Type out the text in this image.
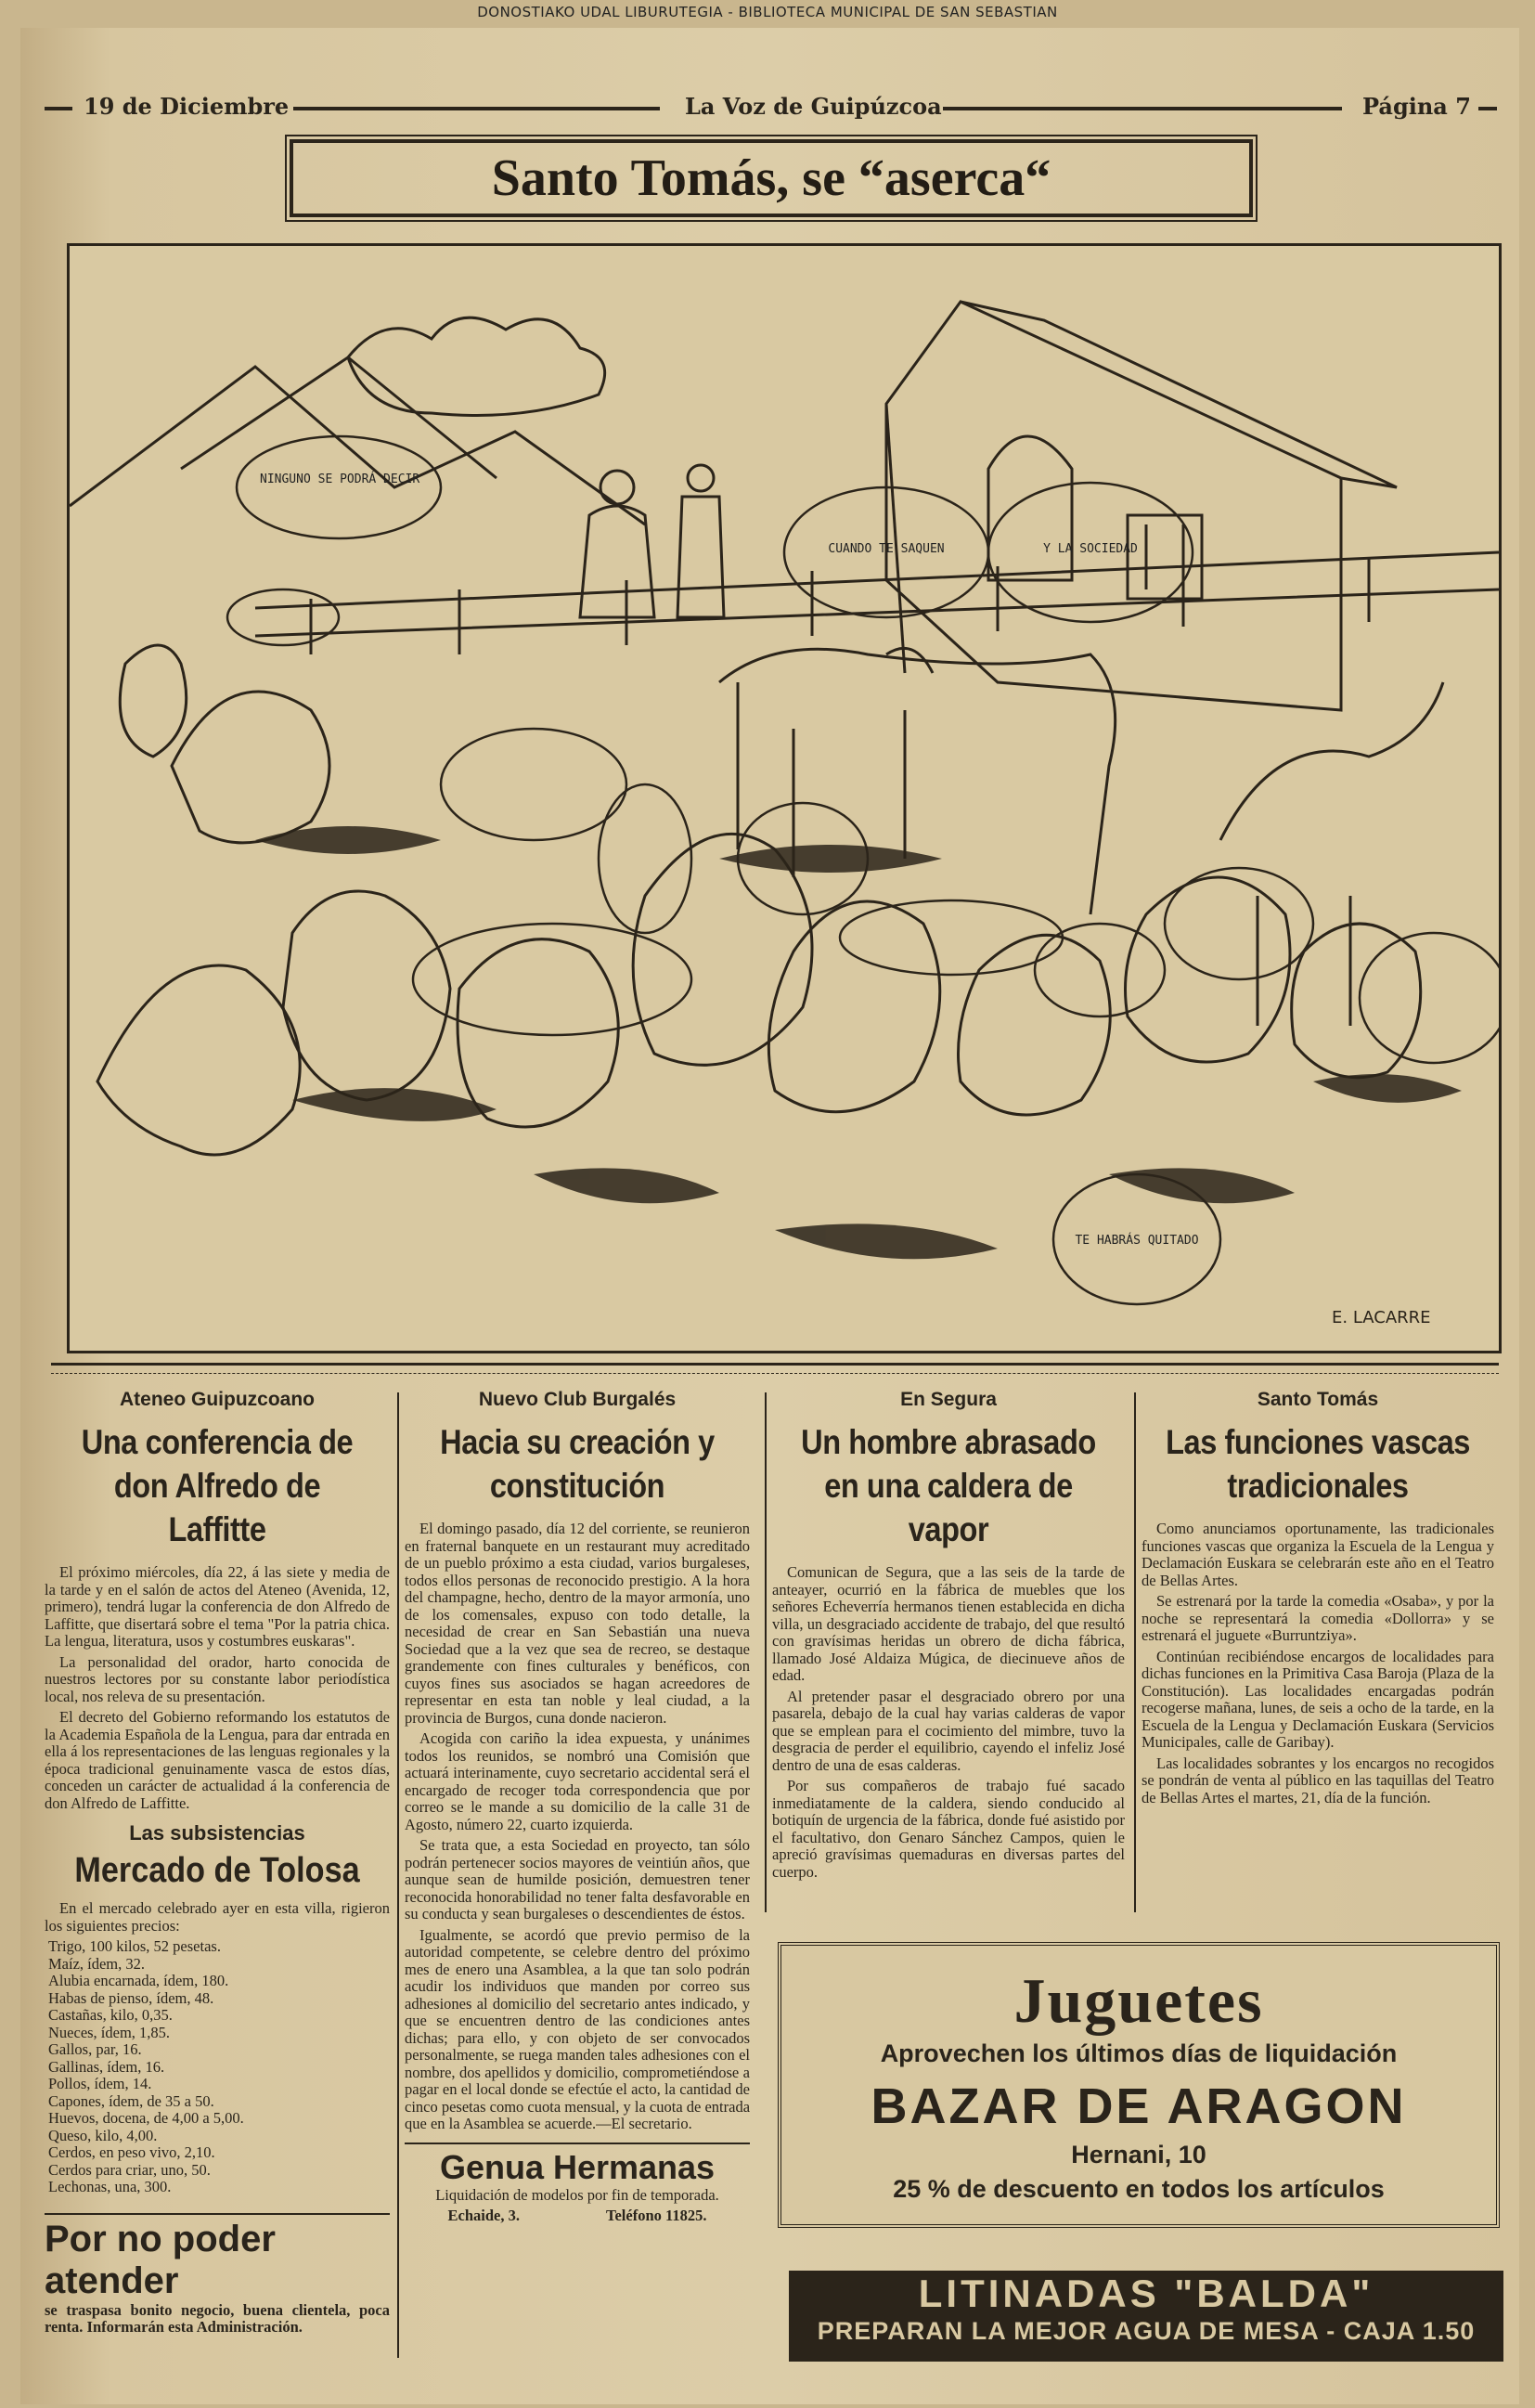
DONOSTIAKO UDAL LIBURUTEGIA - BIBLIOTECA MUNICIPAL DE SAN SEBASTIAN
19 de Diciembre	La Voz de Guipúzcoa	Página 7
Santo Tomás, se “aserca“
NINGUNO SE PODRÁ DECIR
CUANDO TE SAQUEN	Y LA SOCIEDAD
TE HABRÁS QUITADO
E. LACARRE
Ateneo Guipuzcoano
Una conferencia de don Alfredo de Laffitte

El próximo miércoles, día 22, á las siete y media de la tarde y en el salón de actos del Ateneo (Avenida, 12, primero), tendrá lugar la conferencia de don Alfredo de Laffitte, que disertará sobre el tema "Por la patria chica. La lengua, literatura, usos y costumbres euskaras".

La personalidad del orador, harto conocida de nuestros lectores por su constante labor periodística local, nos releva de su presentación.

El decreto del Gobierno reformando los estatutos de la Academia Española de la Lengua, para dar entrada en ella á los representaciones de las lenguas regionales y la época tradicional genuinamente vasca de estos días, conceden un carácter de actualidad á la conferencia de don Alfredo de Laffitte.

Las subsistencias
Mercado de Tolosa

En el mercado celebrado ayer en esta villa, rigieron los siguientes precios:

Trigo, 100 kilos, 52 pesetas.
Maíz, ídem, 32.
Alubia encarnada, ídem, 180.
Habas de pienso, ídem, 48.
Castañas, kilo, 0,35.
Nueces, ídem, 1,85.
Gallos, par, 16.
Gallinas, ídem, 16.
Pollos, ídem, 14.
Capones, ídem, de 35 a 50.
Huevos, docena, de 4,00 a 5,00.
Queso, kilo, 4,00.
Cerdos, en peso vivo, 2,10.
Cerdos para criar, uno, 50.
Lechonas, una, 300.
Por no poder atender

se traspasa bonito negocio, buena clientela, poca renta. Informarán esta Administración.

Nuevo Club Burgalés
Hacia su creación y constitución

El domingo pasado, día 12 del corriente, se reunieron en fraternal banquete en un restaurant muy acreditado de un pueblo próximo a esta ciudad, varios burgaleses, todos ellos personas de reconocido prestigio. A la hora del champagne, hecho, dentro de la mayor armonía, uno de los comensales, expuso con todo detalle, la necesidad de crear en San Sebastián una nueva Sociedad que a la vez que sea de recreo, se destaque grandemente con fines culturales y benéficos, con cuyos fines sus asociados se hagan acreedores de representar en esta tan noble y leal ciudad, a la provincia de Burgos, cuna donde nacieron.

Acogida con cariño la idea expuesta, y unánimes todos los reunidos, se nombró una Comisión que actuará interinamente, cuyo secretario accidental será el encargado de recoger toda correspondencia que por correo se le mande a su domicilio de la calle 31 de Agosto, número 22, cuarto izquierda.

Se trata que, a esta Sociedad en proyecto, tan sólo podrán pertenecer socios mayores de veintiún años, que aunque sean de humilde posición, demuestren tener reconocida honorabilidad no tener falta desfavorable en su conducta y sean burgaleses o descendientes de éstos.

Igualmente, se acordó que previo permiso de la autoridad competente, se celebre dentro del próximo mes de enero una Asamblea, a la que tan solo podrán acudir los individuos que manden por correo sus adhesiones al domicilio del secretario antes indicado, y que se encuentren dentro de las condiciones antes dichas; para ello, y con objeto de ser convocados personalmente, se ruega manden tales adhesiones con el nombre, dos apellidos y domicilio, comprometiéndose a pagar en el local donde se efectúe el acto, la cantidad de cinco pesetas como cuota mensual, y la cuota de entrada que en la Asamblea se acuerde.—El secretario.

Genua Hermanas

Liquidación de modelos por fin de temporada.

Echaide, 3.	Teléfono 11825.
En Segura
Un hombre abrasado en una caldera de vapor

Comunican de Segura, que a las seis de la tarde de anteayer, ocurrió en la fábrica de muebles que los señores Echeverría hermanos tienen establecida en dicha villa, un desgraciado accidente de trabajo, del que resultó con gravísimas heridas un obrero de dicha fábrica, llamado José Aldaiza Múgica, de diecinueve años de edad.

Al pretender pasar el desgraciado obrero por una pasarela, debajo de la cual hay varias calderas de vapor que se emplean para el cocimiento del mimbre, tuvo la desgracia de perder el equilibrio, cayendo el infeliz José dentro de una de esas calderas.

Por sus compañeros de trabajo fué sacado inmediatamente de la caldera, siendo conducido al botiquín de urgencia de la fábrica, donde fué asistido por el facultativo, don Genaro Sánchez Campos, quien le apreció gravísimas quemaduras en diversas partes del cuerpo.

Santo Tomás
Las funciones vascas tradicionales

Como anunciamos oportunamente, las tradicionales funciones vascas que organiza la Escuela de la Lengua y Declamación Euskara se celebrarán este año en el Teatro de Bellas Artes.

Se estrenará por la tarde la comedia «Osaba», y por la noche se representará la comedia «Dollorra» y se estrenará el juguete «Burruntziya».

Continúan recibiéndose encargos de localidades para dichas funciones en la Primitiva Casa Baroja (Plaza de la Constitución). Las localidades encargadas podrán recogerse mañana, lunes, de seis a ocho de la tarde, en la Escuela de la Lengua y Declamación Euskara (Servicios Municipales, calle de Garibay).

Las localidades sobrantes y los encargos no recogidos se pondrán de venta al público en las taquillas del Teatro de Bellas Artes el martes, 21, día de la función.

Juguetes
Aprovechen los últimos días de liquidación
BAZAR DE ARAGON
Hernani, 10
25 % de descuento en todos los artículos
LITINADAS "BALDA"
PREPARAN LA MEJOR AGUA DE MESA - CAJA 1.50
